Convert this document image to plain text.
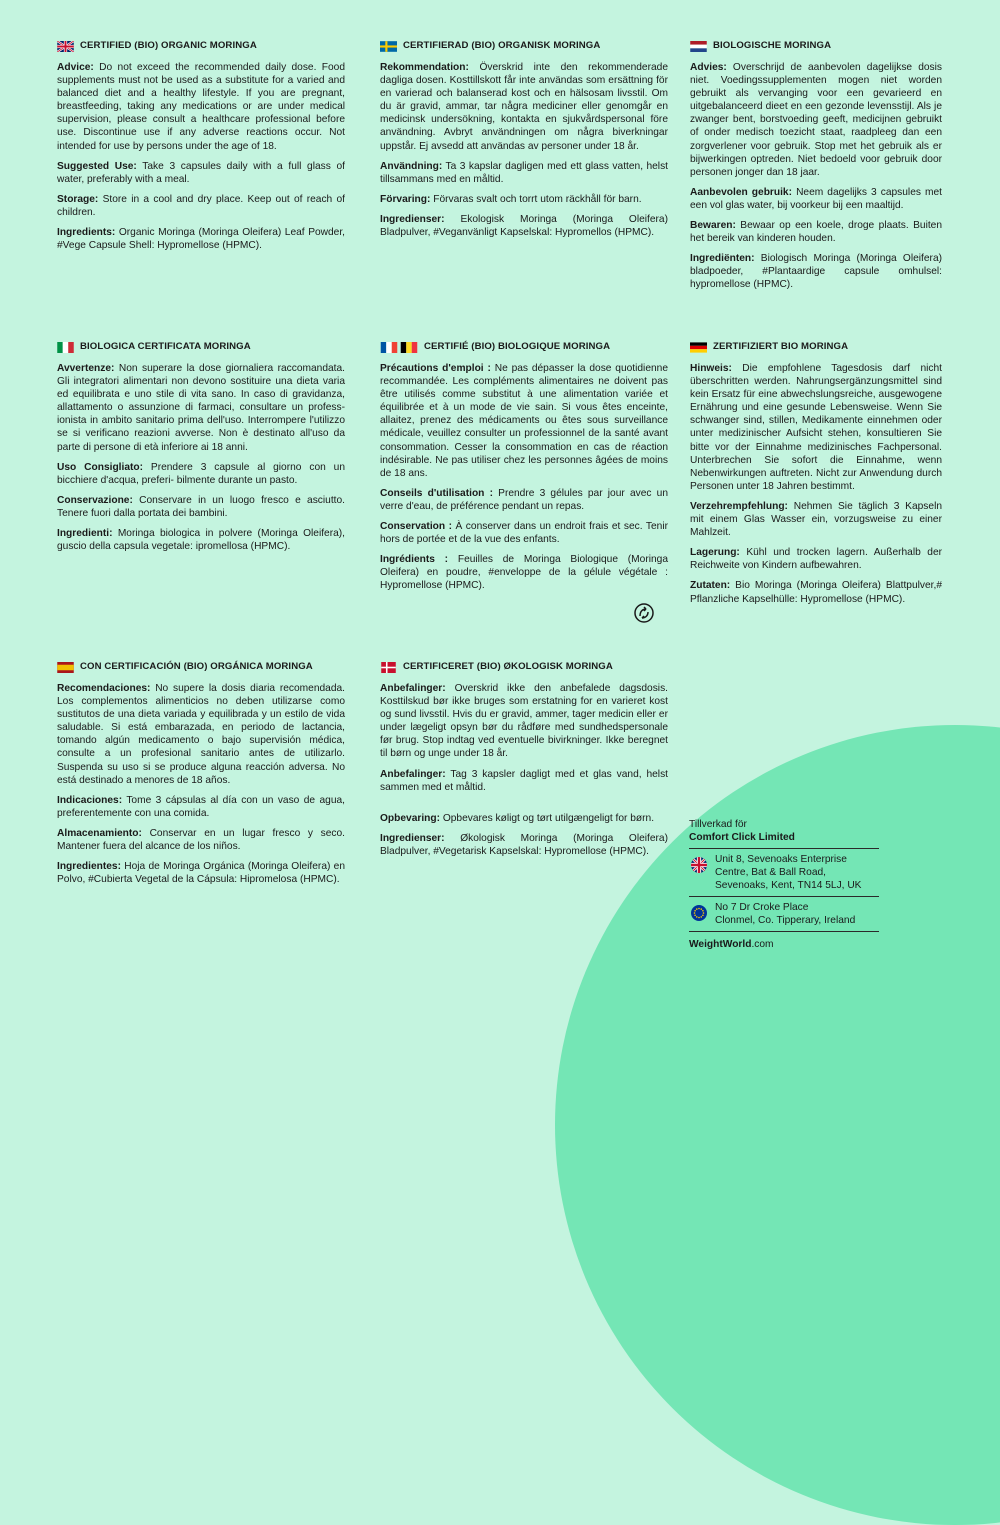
CERTIFIED (BIO) ORGANIC MORINGA

Advice: Do not exceed the recommended daily dose. Food supplements must not be used as a substitute for a varied and balanced diet and a healthy lifestyle. If you are pregnant, breastfeeding, taking any medications or are under medical supervision, please consult a healthcare professional before use. Discontinue use if any adverse reactions occur. Not intended for use by persons under the age of 18.

Suggested Use: Take 3 capsules daily with a full glass of water, preferably with a meal.

Storage: Store in a cool and dry place. Keep out of reach of children.

Ingredients: Organic Moringa (Moringa Oleifera) Leaf Powder, #Vege Capsule Shell: Hypromellose (HPMC).

CERTIFIERAD (BIO) ORGANISK MORINGA

Rekommendation: Överskrid inte den rekommenderade dagliga dosen. Kosttillskott får inte användas som ersättning för en varierad och balanserad kost och en hälsosam livsstil. Om du är gravid, ammar, tar några mediciner eller genomgår en medicinsk undersökning, kontakta en sjukvårdspersonal före användning. Avbryt användningen om några biverkningar uppstår. Ej avsedd att användas av personer under 18 år.

Användning: Ta 3 kapslar dagligen med ett glass vatten, helst tillsammans med en måltid.

Förvaring: Förvaras svalt och torrt utom räckhåll för barn.

Ingredienser: Ekologisk Moringa (Moringa Oleifera) Bladpulver, #Veganvänligt Kapselskal: Hypromellos (HPMC).

BIOLOGISCHE MORINGA

Advies: Overschrijd de aanbevolen dagelijkse dosis niet. Voedingssupplementen mogen niet worden gebruikt als vervanging voor een gevarieerd en uitgebalanceerd dieet en een gezonde levensstijl. Als je zwanger bent, borstvoeding geeft, medicijnen gebruikt of onder medisch toezicht staat, raadpleeg dan een zorgverlener voor gebruik. Stop met het gebruik als er bijwerkingen optreden. Niet bedoeld voor gebruik door personen jonger dan 18 jaar.

Aanbevolen gebruik: Neem dagelijks 3 capsules met een vol glas water, bij voorkeur bij een maaltijd.

Bewaren: Bewaar op een koele, droge plaats. Buiten het bereik van kinderen houden.

Ingrediënten: Biologisch Moringa (Moringa Oleifera) bladpoeder, #Plantaardige capsule omhulsel: hypromellose (HPMC).

BIOLOGICA CERTIFICATA MORINGA

Avvertenze: Non superare la dose giornaliera raccomandata. Gli integratori alimentari non devono sostituire una dieta varia ed equilibrata e uno stile di vita sano. In caso di gravidanza, allattamento o assunzione di farmaci, consultare un profess- ionista in ambito sanitario prima dell'uso. Interrompere l'utilizzo se si verificano reazioni avverse. Non è destinato all'uso da parte di persone di età inferiore ai 18 anni.

Uso Consigliato: Prendere 3 capsule al giorno con un bicchiere d'acqua, preferi- bilmente durante un pasto.

Conservazione: Conservare in un luogo fresco e asciutto. Tenere fuori dalla portata dei bambini.

Ingredienti: Moringa biologica in polvere (Moringa Oleifera), guscio della capsula vegetale: ipromellosa (HPMC).

CERTIFIÉ (BIO) BIOLOGIQUE MORINGA

Précautions d'emploi : Ne pas dépasser la dose quotidienne recommandée. Les compléments alimentaires ne doivent pas être utilisés comme substitut à une alimentation variée et équilibrée et à un mode de vie sain. Si vous êtes enceinte, allaitez, prenez des médicaments ou êtes sous surveillance médicale, veuillez consulter un professionnel de la santé avant consommation. Cesser la consommation en cas de réaction indésirable. Ne pas utiliser chez les personnes âgées de moins de 18 ans.

Conseils d'utilisation : Prendre 3 gélules par jour avec un verre d'eau, de préférence pendant un repas.

Conservation : À conserver dans un endroit frais et sec. Tenir hors de portée et de la vue des enfants.

Ingrédients : Feuilles de Moringa Biologique (Moringa Oleifera) en poudre, #enveloppe de la gélule végétale : Hypromellose (HPMC).

ZERTIFIZIERT BIO MORINGA

Hinweis: Die empfohlene Tagesdosis darf nicht überschritten werden. Nahrungsergänzungsmittel sind kein Ersatz für eine abwechslungsreiche, ausgewogene Ernährung und eine gesunde Lebensweise. Wenn Sie schwanger sind, stillen, Medikamente einnehmen oder unter medizinischer Aufsicht stehen, konsultieren Sie bitte vor der Einnahme medizinisches Fachpersonal. Unterbrechen Sie sofort die Einnahme, wenn Nebenwirkungen auftreten. Nicht zur Anwendung durch Personen unter 18 Jahren bestimmt.

Verzehrempfehlung: Nehmen Sie täglich 3 Kapseln mit einem Glas Wasser ein, vorzugsweise zu einer Mahlzeit.

Lagerung: Kühl und trocken lagern. Außerhalb der Reichweite von Kindern aufbewahren.

Zutaten: Bio Moringa (Moringa Oleifera) Blattpulver,# Pflanzliche Kapselhülle: Hypromellose (HPMC).

CON CERTIFICACIÓN (BIO) ORGÁNICA MORINGA

Recomendaciones: No supere la dosis diaria recomendada. Los complementos alimenticios no deben utilizarse como sustitutos de una dieta variada y equilibrada y un estilo de vida saludable. Si está embarazada, en periodo de lactancia, tomando algún medicamento o bajo supervisión médica, consulte a un profesional sanitario antes de utilizarlo. Suspenda su uso si se produce alguna reacción adversa. No está destinado a menores de 18 años.

Indicaciones: Tome 3 cápsulas al día con un vaso de agua, preferentemente con una comida.

Almacenamiento: Conservar en un lugar fresco y seco. Mantener fuera del alcance de los niños.

Ingredientes: Hoja de Moringa Orgánica (Moringa Oleifera) en Polvo, #Cubierta Vegetal de la Cápsula: Hipromelosa (HPMC).

CERTIFICERET (BIO) ØKOLOGISK MORINGA

Anbefalinger: Overskrid ikke den anbefalede dagsdosis. Kosttilskud bør ikke bruges som erstatning for en varieret kost og sund livsstil. Hvis du er gravid, ammer, tager medicin eller er under lægeligt opsyn bør du rådføre med sundhedspersonale før brug. Stop indtag ved eventuelle bivirkninger. Ikke beregnet til børn og unge under 18 år.

Anbefalinger: Tag 3 kapsler dagligt med et glas vand, helst sammen med et måltid.

Opbevaring: Opbevares køligt og tørt utilgængeligt for børn.

Ingredienser: Økologisk Moringa (Moringa Oleifera) Bladpulver, #Vegetarisk Kapselskal: Hypromellose (HPMC).

Tillverkad för
Comfort Click Limited
Unit 8, Sevenoaks Enterprise
Centre, Bat & Ball Road,
Sevenoaks, Kent, TN14 5LJ, UK
No 7 Dr Croke Place
Clonmel, Co. Tipperary, Ireland
WeightWorld.com
